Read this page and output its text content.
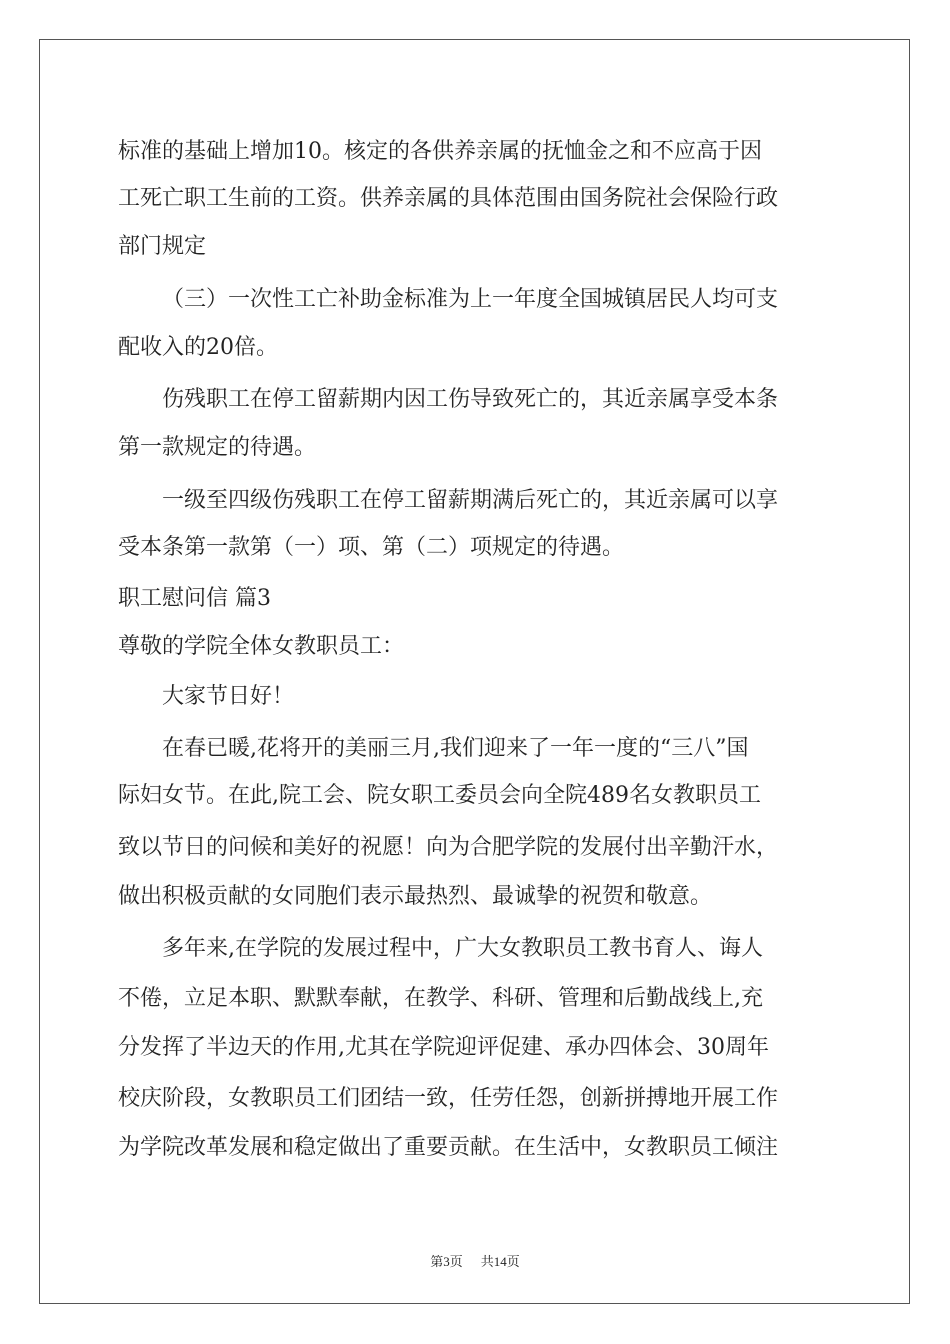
标准的基础上增加10。核定的各供养亲属的抚恤金之和不应高于因
工死亡职工生前的工资。供养亲属的具体范围由国务院社会保险行政
部门规定
（三）一次性工亡补助金标准为上一年度全国城镇居民人均可支
配收入的20倍。
伤残职工在停工留薪期内因工伤导致死亡的，其近亲属享受本条
第一款规定的待遇。
一级至四级伤残职工在停工留薪期满后死亡的，其近亲属可以享
受本条第一款第（一）项、第（二）项规定的待遇。
职工慰问信 篇3
尊敬的学院全体女教职员工：
大家节日好！
在春已暖,花将开的美丽三月,我们迎来了一年一度的“三八”国
际妇女节。在此,院工会、院女职工委员会向全院489名女教职员工
致以节日的问候和美好的祝愿！向为合肥学院的发展付出辛勤汗水，
做出积极贡献的女同胞们表示最热烈、最诚挚的祝贺和敬意。
多年来,在学院的发展过程中，广大女教职员工教书育人、诲人
不倦，立足本职、默默奉献，在教学、科研、管理和后勤战线上,充
分发挥了半边天的作用,尤其在学院迎评促建、承办四体会、30周年
校庆阶段，女教职员工们团结一致，任劳任怨，创新拼搏地开展工作
为学院改革发展和稳定做出了重要贡献。在生活中，女教职员工倾注
第3页 共14页
